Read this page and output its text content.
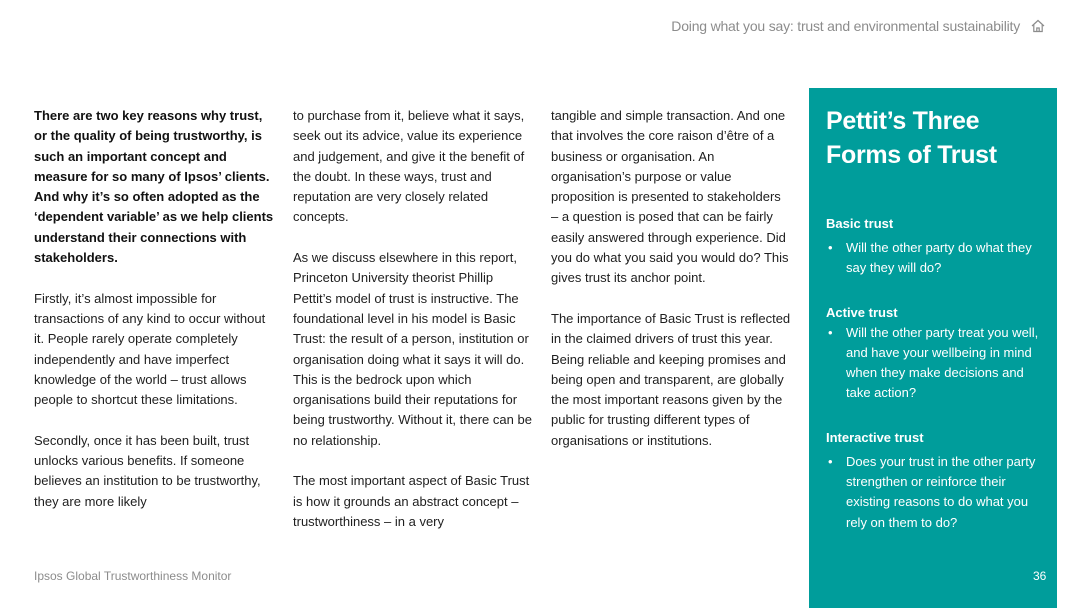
Doing what you say: trust and environmental sustainability

There are two key reasons why trust, or the quality of being trustworthy, is such an important concept and measure for so many of Ipsos’ clients. And why it’s so often adopted as the ‘dependent variable’ as we help clients understand their connections with stakeholders.

Firstly, it’s almost impossible for transactions of any kind to occur without it. People rarely operate completely independently and have imperfect knowledge of the world – trust allows people to shortcut these limitations.

Secondly, once it has been built, trust unlocks various benefits. If someone believes an institution to be trustworthy, they are more likely

to purchase from it, believe what it says, seek out its advice, value its experience and judgement, and give it the benefit of the doubt. In these ways, trust and reputation are very closely related concepts.

As we discuss elsewhere in this report, Princeton University theorist Phillip Pettit’s model of trust is instructive. The foundational level in his model is Basic Trust: the result of a person, institution or organisation doing what it says it will do. This is the bedrock upon which organisations build their reputations for being trustworthy. Without it, there can be no relationship.

The most important aspect of Basic Trust is how it grounds an abstract concept – trustworthiness – in a very

tangible and simple transaction. And one that involves the core raison d’être of a business or organisation. An organisation’s purpose or value proposition is presented to stakeholders – a question is posed that can be fairly easily answered through experience. Did you do what you said you would do? This gives trust its anchor point.

The importance of Basic Trust is reflected in the claimed drivers of trust this year. Being reliable and keeping promises and being open and transparent, are globally the most important reasons given by the public for trusting different types of organisations or institutions.

Pettit’s Three Forms of Trust
Basic trust
• Will the other party do what they say they will do?
Active trust
• Will the other party treat you well, and have your wellbeing in mind when they make decisions and take action?
Interactive trust
• Does your trust in the other party strengthen or reinforce their existing reasons to do what you rely on them to do?
Ipsos Global Trustworthiness Monitor	36
